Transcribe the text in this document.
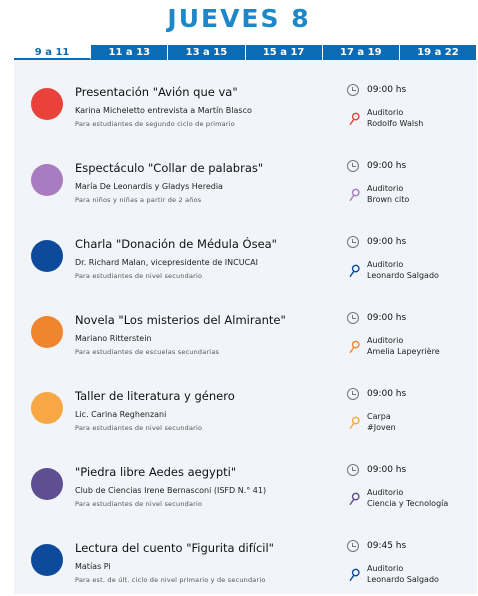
JUEVES 8
9 a 11	11 a 13	13 a 15	15 a 17	17 a 19	19 a 22
Presentación "Avión que va"
Karina Micheletto entrevista a Martín Blasco
Para estudiantes de segundo ciclo de primario
09:00 hs
Auditorio
Rodolfo Walsh
Espectáculo "Collar de palabras"
María De Leonardis y Gladys Heredia
Para niños y niñas a partir de 2 años
09:00 hs
Auditorio
Brown cito
Charla "Donación de Médula Ósea"
Dr. Richard Malan, vicepresidente de INCUCAI
Para estudiantes de nivel secundario
09:00 hs
Auditorio
Leonardo Salgado
Novela "Los misterios del Almirante"
Mariano Ritterstein
Para estudiantes de escuelas secundarias
09:00 hs
Auditorio
Amelia Lapeyrière
Taller de literatura y género
Lic. Carina Reghenzani
Para estudiantes de nivel secundario
09:00 hs
Carpa
#Joven
"Piedra libre Aedes aegypti"
Club de Ciencias Irene Bernasconi (ISFD N.° 41)
Para estudiantes de nivel secundario
09:00 hs
Auditorio
Ciencia y Tecnología
Lectura del cuento "Figurita difícil"
Matías Pi
Para est. de últ. ciclo de nivel primario y de secundario
09:45 hs
Auditorio
Leonardo Salgado
